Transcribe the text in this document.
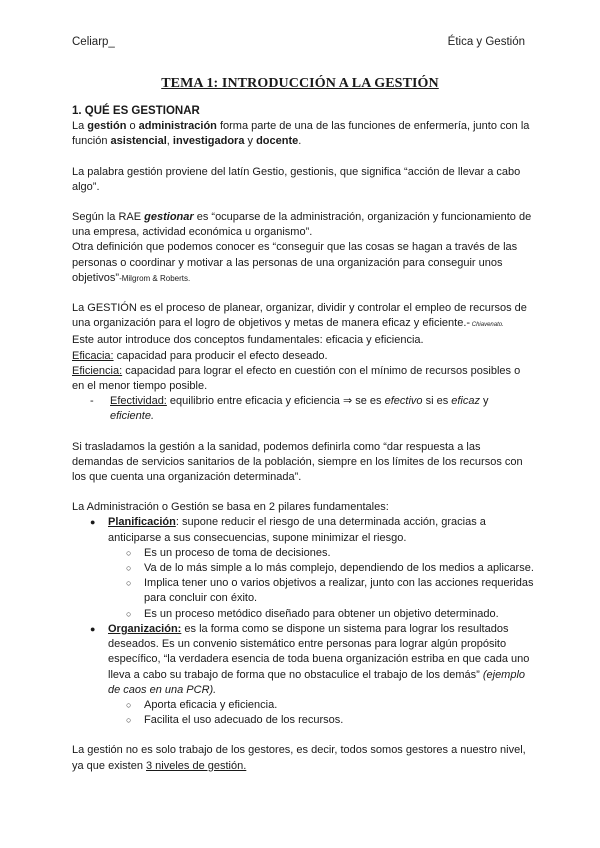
Celiarp_	Ética y Gestión
TEMA 1: INTRODUCCIÓN A LA GESTIÓN

1. QUÉ ES GESTIONAR

La gestión o administración forma parte de una de las funciones de enfermería, junto con la función asistencial, investigadora y docente.

La palabra gestión proviene del latín Gestio, gestionis, que significa “acción de llevar a cabo algo”.

Según la RAE gestionar es “ocuparse de la administración, organización y funcionamiento de una empresa, actividad económica u organismo”.

Otra definición que podemos conocer es “conseguir que las cosas se hagan a través de las personas o coordinar y motivar a las personas de una organización para conseguir unos objetivos”-Milgrom & Roberts.

La GESTIÓN es el proceso de planear, organizar, dividir y controlar el empleo de recursos de una organización para el logro de objetivos y metas de manera eficaz y eficiente.- Chiavenato.

Este autor introduce dos conceptos fundamentales: eficacia y eficiencia.

Eficacia: capacidad para producir el efecto deseado.

Eficiencia: capacidad para lograr el efecto en cuestión con el mínimo de recursos posibles o en el menor tiempo posible.

- Efectividad: equilibrio entre eficacia y eficiencia ⇒ se es efectivo si es eficaz y eficiente.

Si trasladamos la gestión a la sanidad, podemos definirla como “dar respuesta a las demandas de servicios sanitarios de la población, siempre en los límites de los recursos con los que cuenta una organización determinada”.

La Administración o Gestión se basa en 2 pilares fundamentales:

● Planificación: supone reducir el riesgo de una determinada acción, gracias a anticiparse a sus consecuencias, supone minimizar el riesgo.
○ Es un proceso de toma de decisiones.
○ Va de lo más simple a lo más complejo, dependiendo de los medios a aplicarse.
○ Implica tener uno o varios objetivos a realizar, junto con las acciones requeridas para concluir con éxito.
○ Es un proceso metódico diseñado para obtener un objetivo determinado.
● Organización: es la forma como se dispone un sistema para lograr los resultados deseados. Es un convenio sistemático entre personas para lograr algún propósito específico, “la verdadera esencia de toda buena organización estriba en que cada uno lleva a cabo su trabajo de forma que no obstaculice el trabajo de los demás” (ejemplo de caos en una PCR).
○ Aporta eficacia y eficiencia.
○ Facilita el uso adecuado de los recursos.

La gestión no es solo trabajo de los gestores, es decir, todos somos gestores a nuestro nivel, ya que existen 3 niveles de gestión.
